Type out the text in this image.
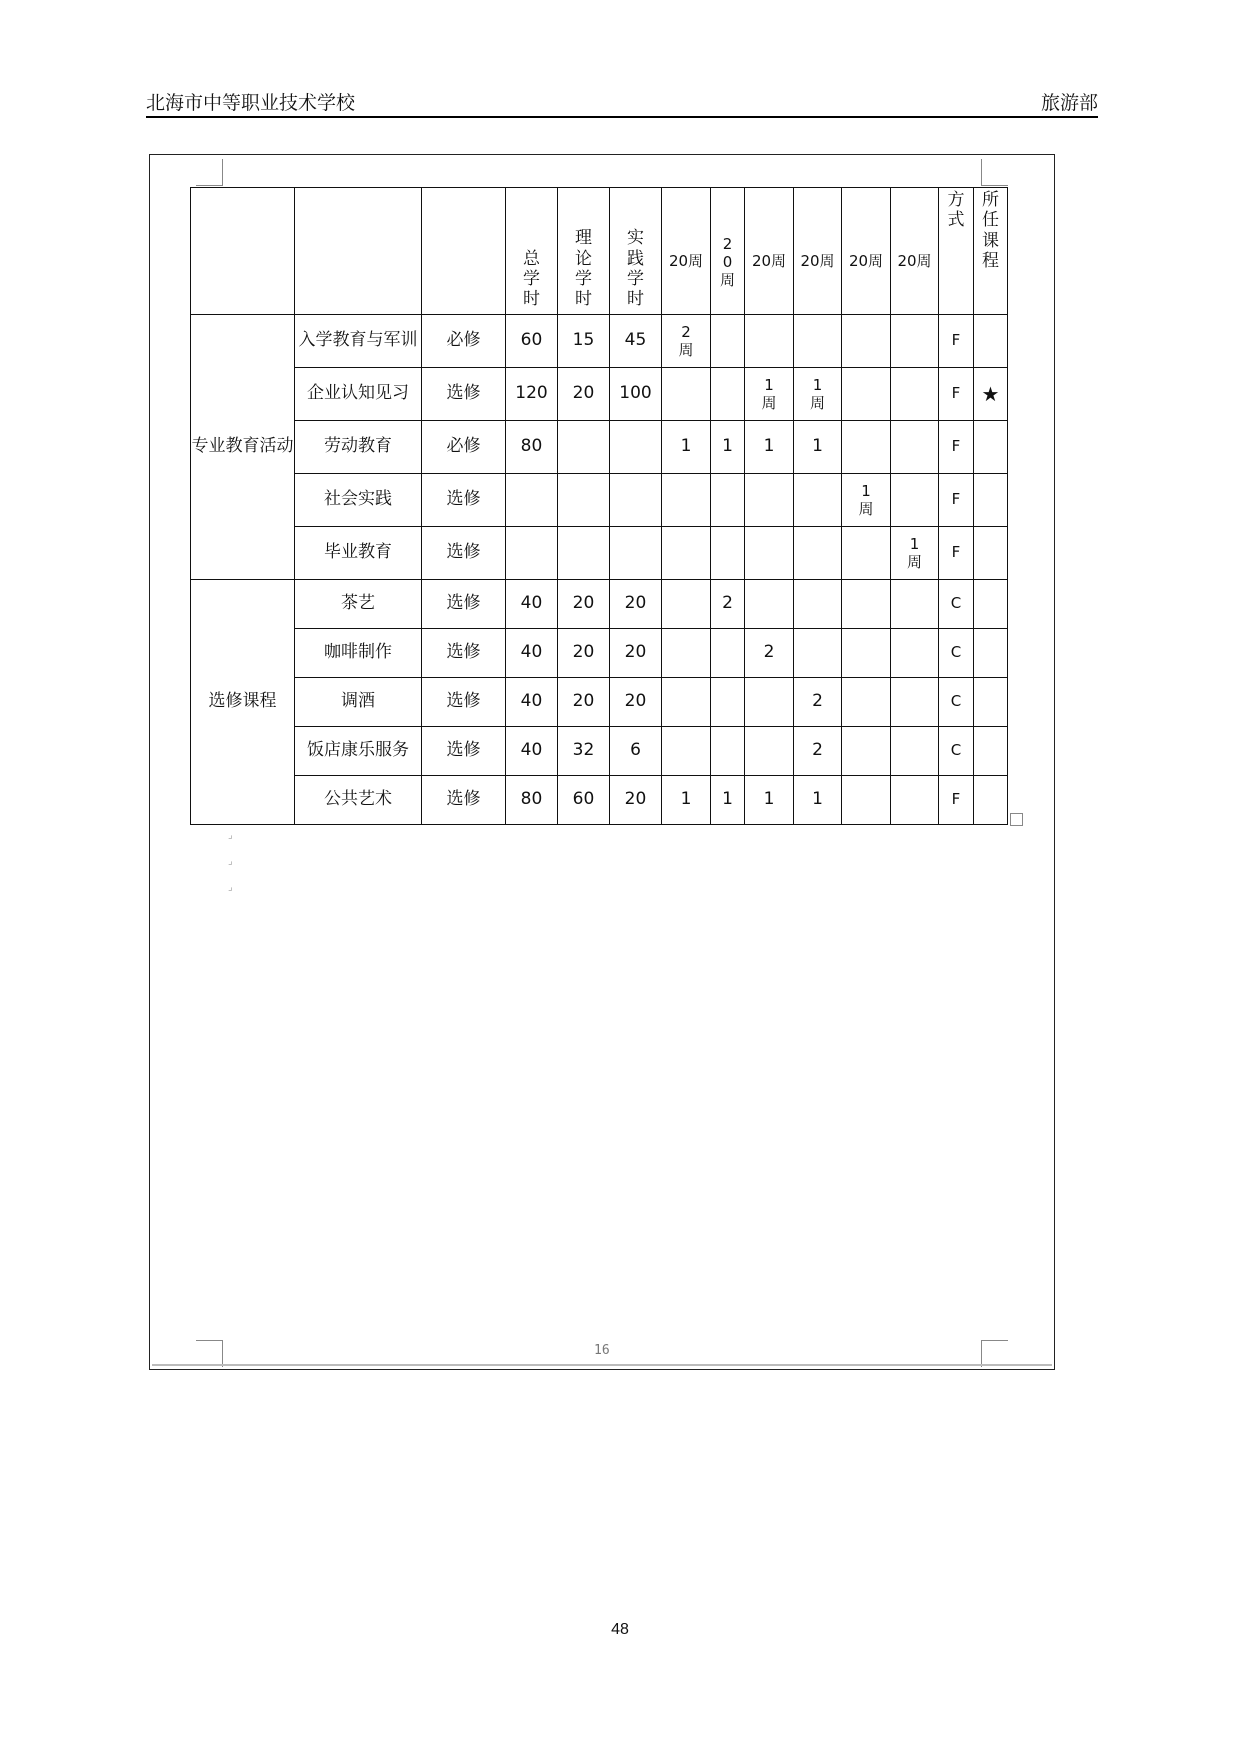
北海市中等职业技术学校	旅游部
			总学时	理论学时	实践学时	20周	20周	20周	20周	20周	20周	方式	所任课程
专业教育活动	入学教育与军训	必修	60	15	45	2周						F	
	企业认知见习	选修	120	20	100			1周	1周			F	★
	劳动教育	必修	80			1	1	1	1			F	
	社会实践	选修								1周		F	
	毕业教育	选修									1周	F	
选修课程	茶艺	选修	40	20	20		2					C	
	咖啡制作	选修	40	20	20			2				C	
	调酒	选修	40	20	20				2			C	
	饭店康乐服务	选修	40	32	6				2			C	
	公共艺术	选修	80	60	20	1	1	1	1			F	
⌟
⌟
⌟
16
48
